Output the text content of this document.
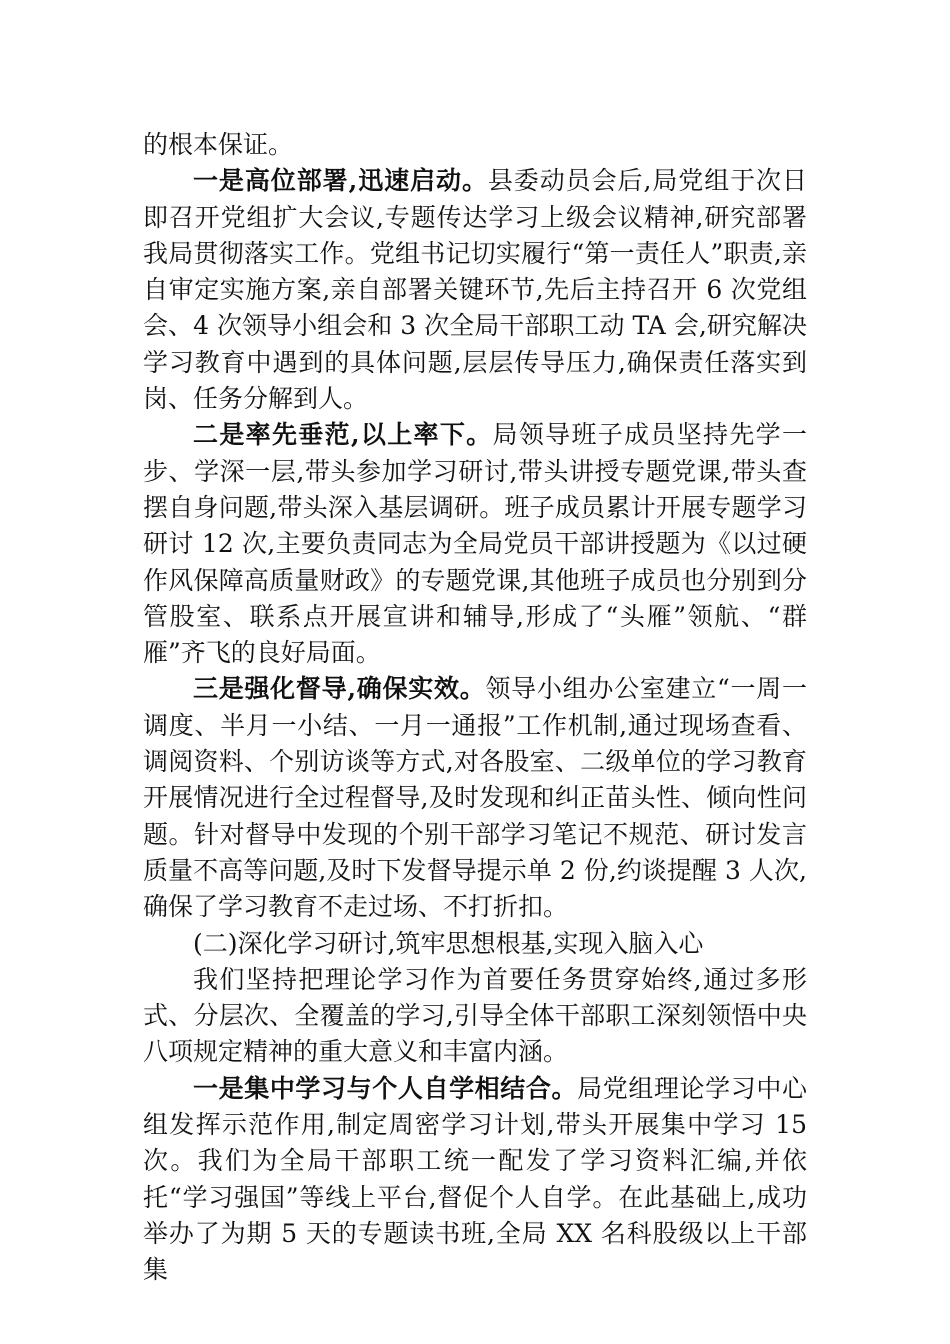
的根本保证。

一是高位部署,迅速启动。县委动员会后,局党组于次日即召开党组扩大会议,专题传达学习上级会议精神,研究部署我局贯彻落实工作。党组书记切实履行“第一责任人”职责,亲自审定实施方案,亲自部署关键环节,先后主持召开 6 次党组会、4 次领导小组会和 3 次全局干部职工动 TA 会,研究解决学习教育中遇到的具体问题,层层传导压力,确保责任落实到岗、任务分解到人。

二是率先垂范,以上率下。局领导班子成员坚持先学一步、学深一层,带头参加学习研讨,带头讲授专题党课,带头查摆自身问题,带头深入基层调研。班子成员累计开展专题学习研讨 12 次,主要负责同志为全局党员干部讲授题为《以过硬作风保障高质量财政》的专题党课,其他班子成员也分别到分管股室、联系点开展宣讲和辅导,形成了“头雁”领航、“群雁”齐飞的良好局面。

三是强化督导,确保实效。领导小组办公室建立“一周一调度、半月一小结、一月一通报”工作机制,通过现场查看、调阅资料、个别访谈等方式,对各股室、二级单位的学习教育开展情况进行全过程督导,及时发现和纠正苗头性、倾向性问题。针对督导中发现的个别干部学习笔记不规范、研讨发言质量不高等问题,及时下发督导提示单 2 份,约谈提醒 3 人次,确保了学习教育不走过场、不打折扣。

(二)深化学习研讨,筑牢思想根基,实现入脑入心

我们坚持把理论学习作为首要任务贯穿始终,通过多形式、分层次、全覆盖的学习,引导全体干部职工深刻领悟中央八项规定精神的重大意义和丰富内涵。

一是集中学习与个人自学相结合。局党组理论学习中心组发挥示范作用,制定周密学习计划,带头开展集中学习 15 次。我们为全局干部职工统一配发了学习资料汇编,并依托“学习强国”等线上平台,督促个人自学。在此基础上,成功举办了为期 5 天的专题读书班,全局 XX 名科股级以上干部集
